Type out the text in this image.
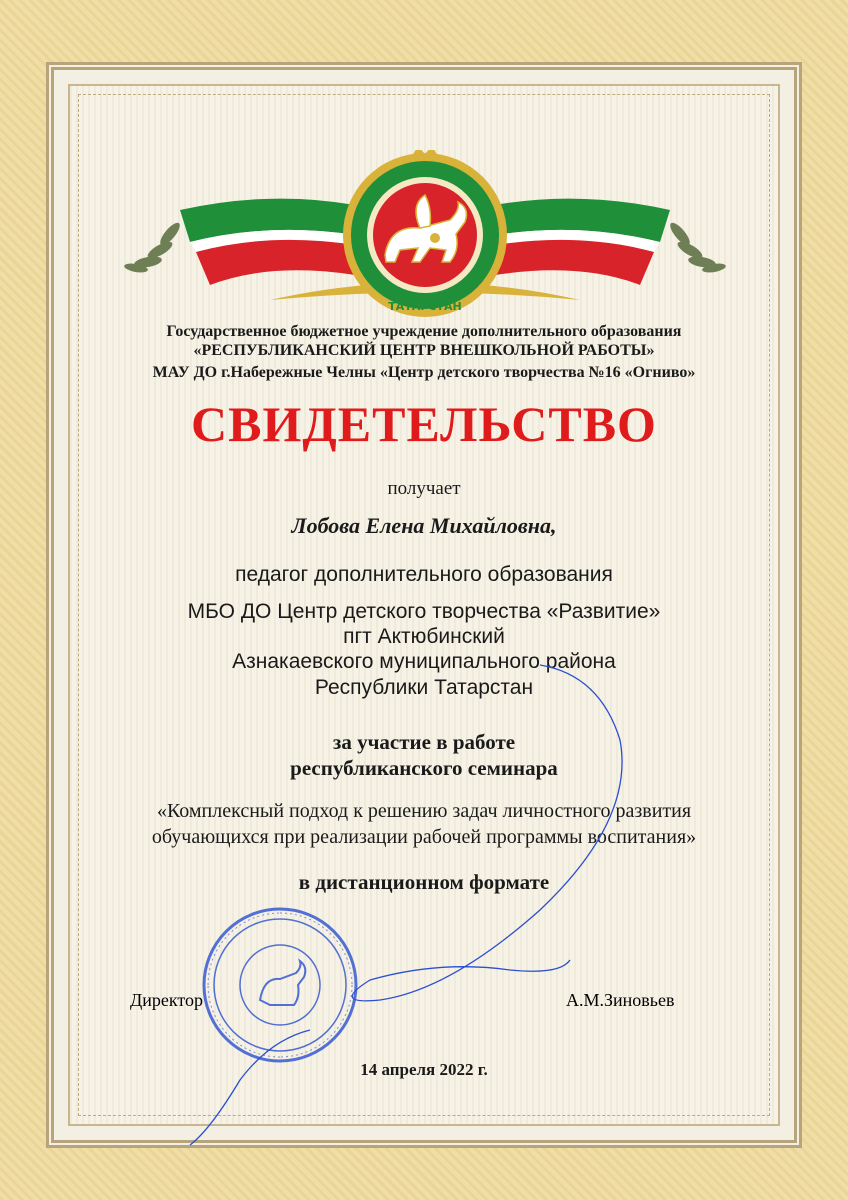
ТАТАРСТАН
Государственное бюджетное учреждение дополнительного образования
«РЕСПУБЛИКАНСКИЙ ЦЕНТР ВНЕШКОЛЬНОЙ РАБОТЫ»
МАУ ДО г.Набережные Челны «Центр детского творчества №16 «Огниво»
СВИДЕТЕЛЬСТВО
получает
Лобова Елена Михайловна,
педагог дополнительного образования
МБО ДО Центр детского творчества «Развитие»
пгт Актюбинский
Азнакаевского муниципального района
Республики Татарстан
за участие в работе
республиканского семинара
«Комплексный подход к решению задач личностного развития
обучающихся при реализации рабочей программы воспитания»
в дистанционном формате
Директор	А.М.Зиновьев
14 апреля 2022 г.
